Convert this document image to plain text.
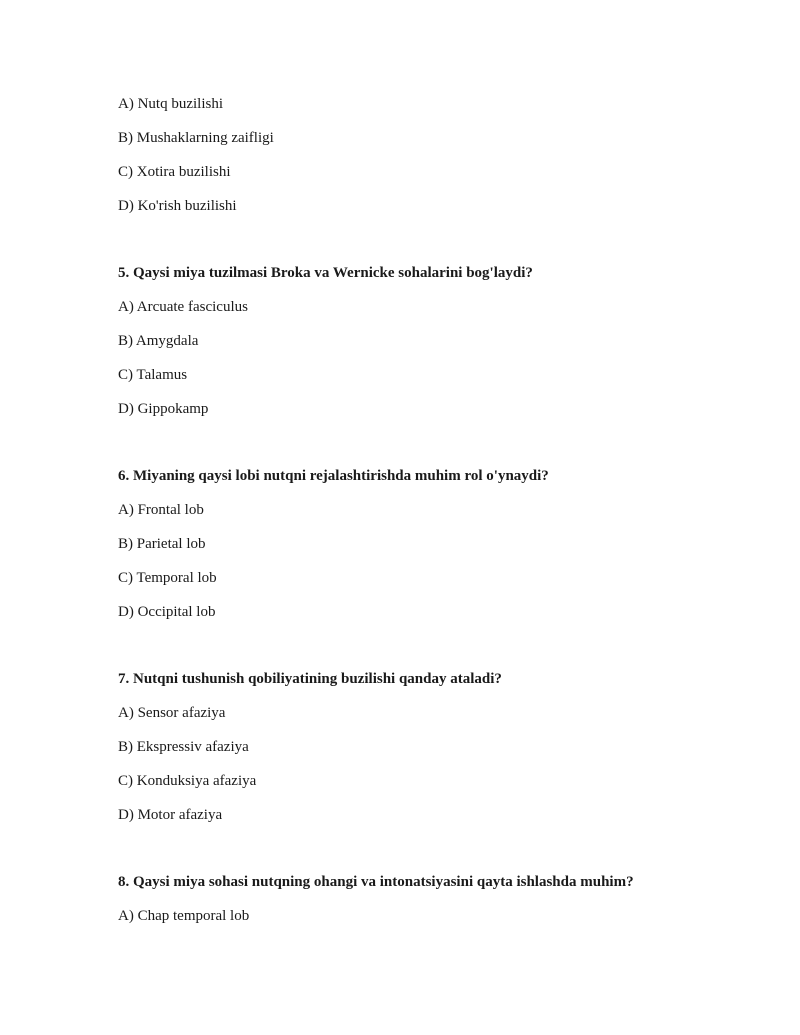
A) Nutq buzilishi
B) Mushaklarning zaifligi
C) Xotira buzilishi
D) Ko'rish buzilishi
5. Qaysi miya tuzilmasi Broka va Wernicke sohalarini bog'laydi?
A) Arcuate fasciculus
B) Amygdala
C) Talamus
D) Gippokamp
6. Miyaning qaysi lobi nutqni rejalashtirishda muhim rol o'ynaydi?
A) Frontal lob
B) Parietal lob
C) Temporal lob
D) Occipital lob
7. Nutqni tushunish qobiliyatining buzilishi qanday ataladi?
A) Sensor afaziya
B) Ekspressiv afaziya
C) Konduksiya afaziya
D) Motor afaziya
8. Qaysi miya sohasi nutqning ohangi va intonatsiyasini qayta ishlashda muhim?
A) Chap temporal lob
